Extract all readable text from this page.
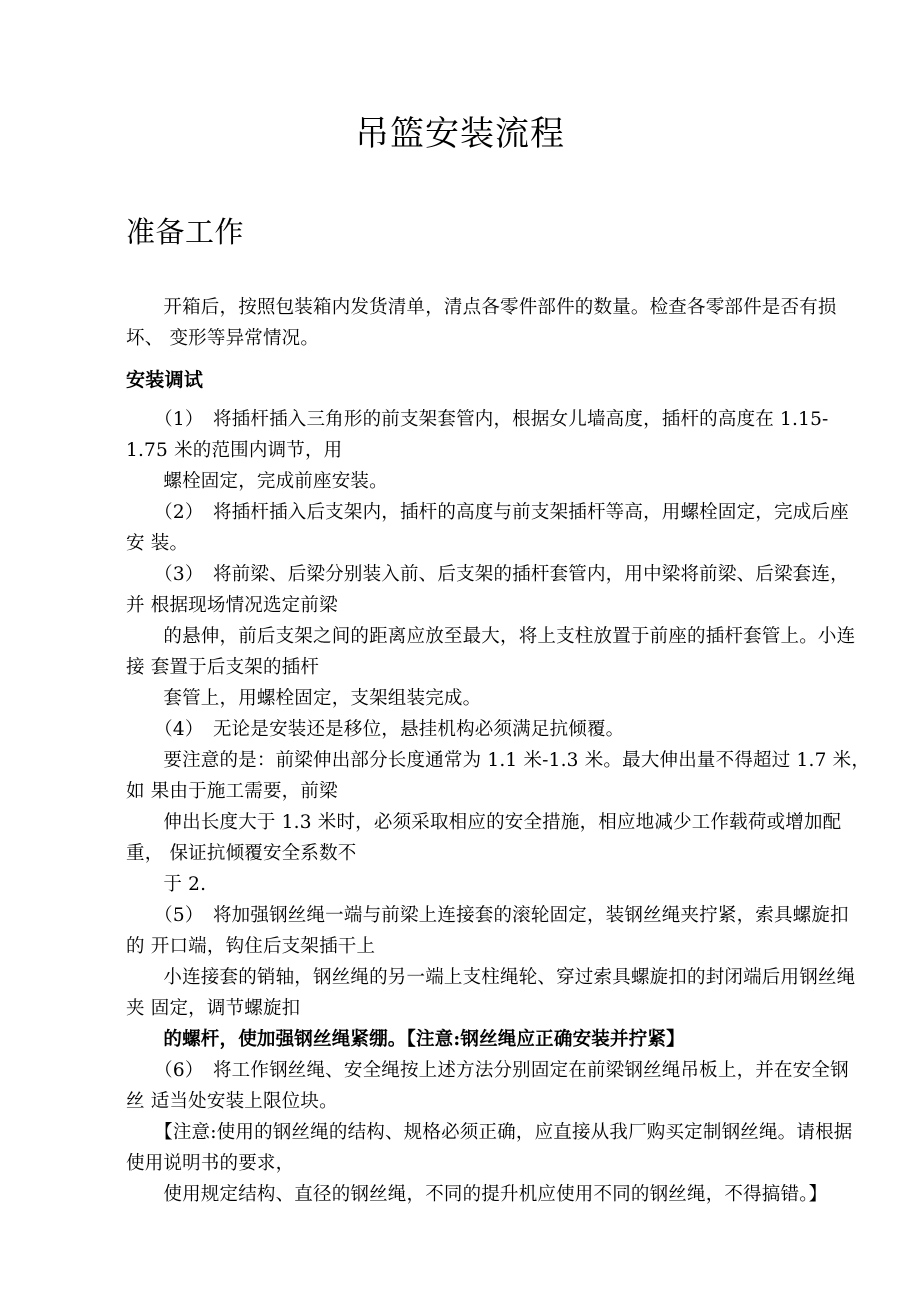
吊篮安装流程
准备工作
　　开箱后，按照包装箱内发货清单，清点各零件部件的数量。检查各零部件是否有损
坏、 变形等异常情况。
安装调试
　　（1）　将插杆插入三角形的前支架套管内，根据女儿墙高度，插杆的高度在 1.15-
1.75 米的范围内调节，用
　　螺栓固定，完成前座安装。
　　（2）　将插杆插入后支架内，插杆的高度与前支架插杆等高，用螺栓固定，完成后座
安 装。
　　（3）　将前梁、后梁分别装入前、后支架的插杆套管内，用中梁将前梁、后梁套连，
并 根据现场情况选定前梁
　　的悬伸，前后支架之间的距离应放至最大，将上支柱放置于前座的插杆套管上。小连
接 套置于后支架的插杆
　　套管上，用螺栓固定，支架组装完成。
　　（4）　无论是安装还是移位，悬挂机构必须满足抗倾覆。
　　要注意的是：前梁伸出部分长度通常为 1.1 米-1.3 米。最大伸出量不得超过 1.7 米，
如 果由于施工需要，前梁
　　伸出长度大于 1.3 米时，必须采取相应的安全措施，相应地减少工作载荷或增加配
重， 保证抗倾覆安全系数不
　　于 2.
　　（5）　将加强钢丝绳一端与前梁上连接套的滚轮固定，装钢丝绳夹拧紧，索具螺旋扣
的 开口端，钩住后支架插干上
　　小连接套的销轴，钢丝绳的另一端上支柱绳轮、穿过索具螺旋扣的封闭端后用钢丝绳
夹 固定，调节螺旋扣
　　的螺杆，使加强钢丝绳紧绷。【注意:钢丝绳应正确安装并拧紧】
　　（6）　将工作钢丝绳、安全绳按上述方法分别固定在前梁钢丝绳吊板上，并在安全钢
丝 适当处安装上限位块。
　　【注意:使用的钢丝绳的结构、规格必须正确，应直接从我厂购买定制钢丝绳。请根据
使用说明书的要求，
　　使用规定结构、直径的钢丝绳，不同的提升机应使用不同的钢丝绳，不得搞错。】
